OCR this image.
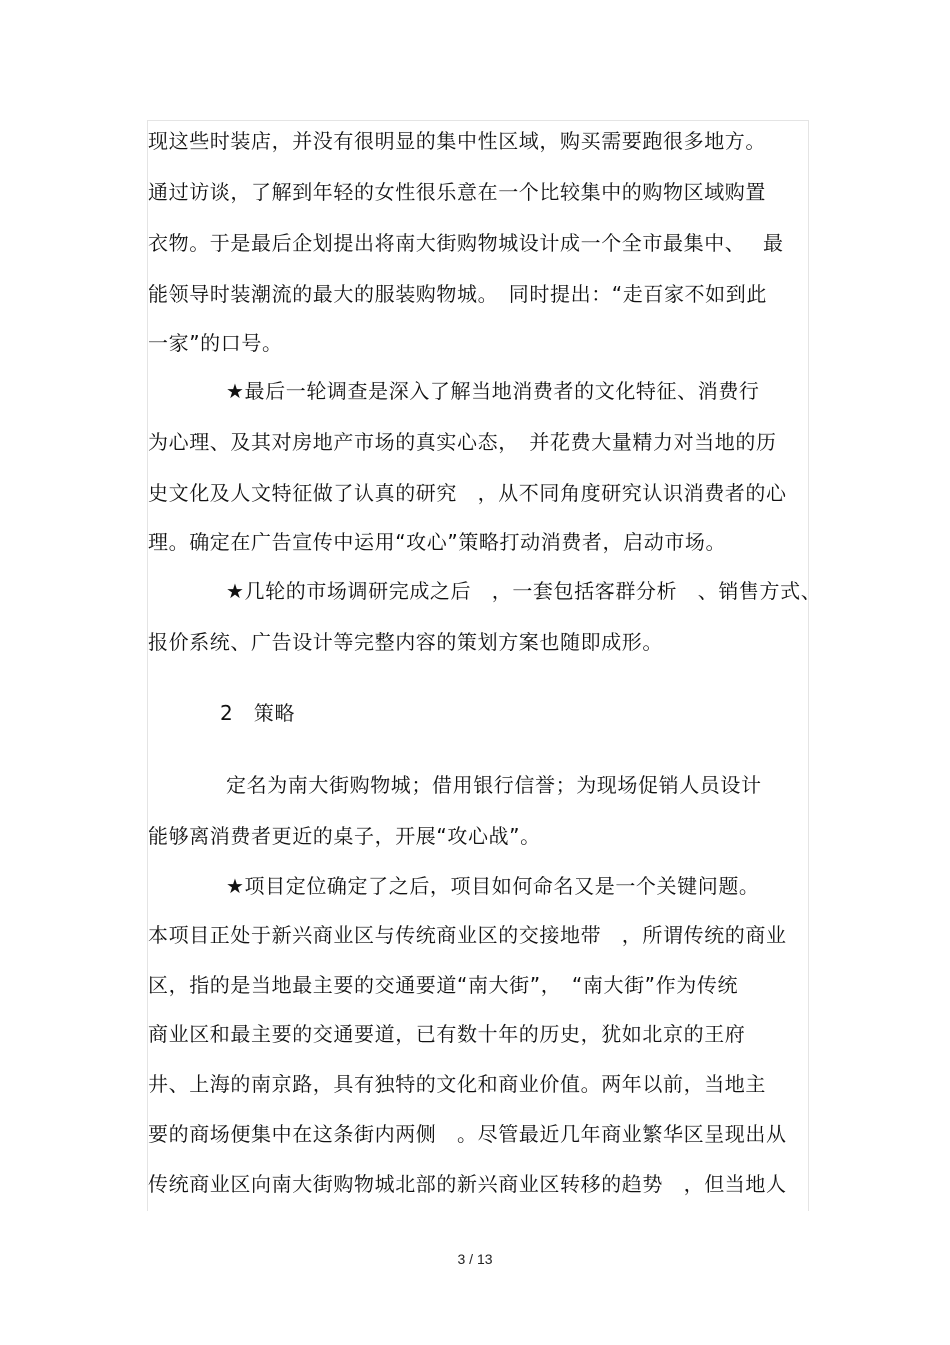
现这些时装店，并没有很明显的集中性区域，购买需要跑很多地方。
通过访谈，了解到年轻的女性很乐意在一个比较集中的购物区域购置
衣物。于是最后企划提出将南大街购物城设计成一个全市最集中、　 最
能领导时装潮流的最大的服装购物城。　同时提出：“走百家不如到此
一家”的口号。
★最后一轮调查是深入了解当地消费者的文化特征、消费行
为心理、及其对房地产市场的真实心态，　并花费大量精力对当地的历
史文化及人文特征做了认真的研究　，从不同角度研究认识消费者的心
理。确定在广告宣传中运用“攻心”策略打动消费者，启动市场。
★几轮的市场调研完成之后　，一套包括客群分析　、销售方式、
报价系统、广告设计等完整内容的策划方案也随即成形。
2　策略
定名为南大街购物城；借用银行信誉；为现场促销人员设计
能够离消费者更近的桌子，开展“攻心战”。
★项目定位确定了之后，项目如何命名又是一个关键问题。
本项目正处于新兴商业区与传统商业区的交接地带　，所谓传统的商业
区，指的是当地最主要的交通要道“南大街”，　“南大街”作为传统
商业区和最主要的交通要道，已有数十年的历史，犹如北京的王府
井、上海的南京路，具有独特的文化和商业价值。两年以前，当地主
要的商场便集中在这条街内两侧　。尽管最近几年商业繁华区呈现出从
传统商业区向南大街购物城北部的新兴商业区转移的趋势　，但当地人
3 / 13
